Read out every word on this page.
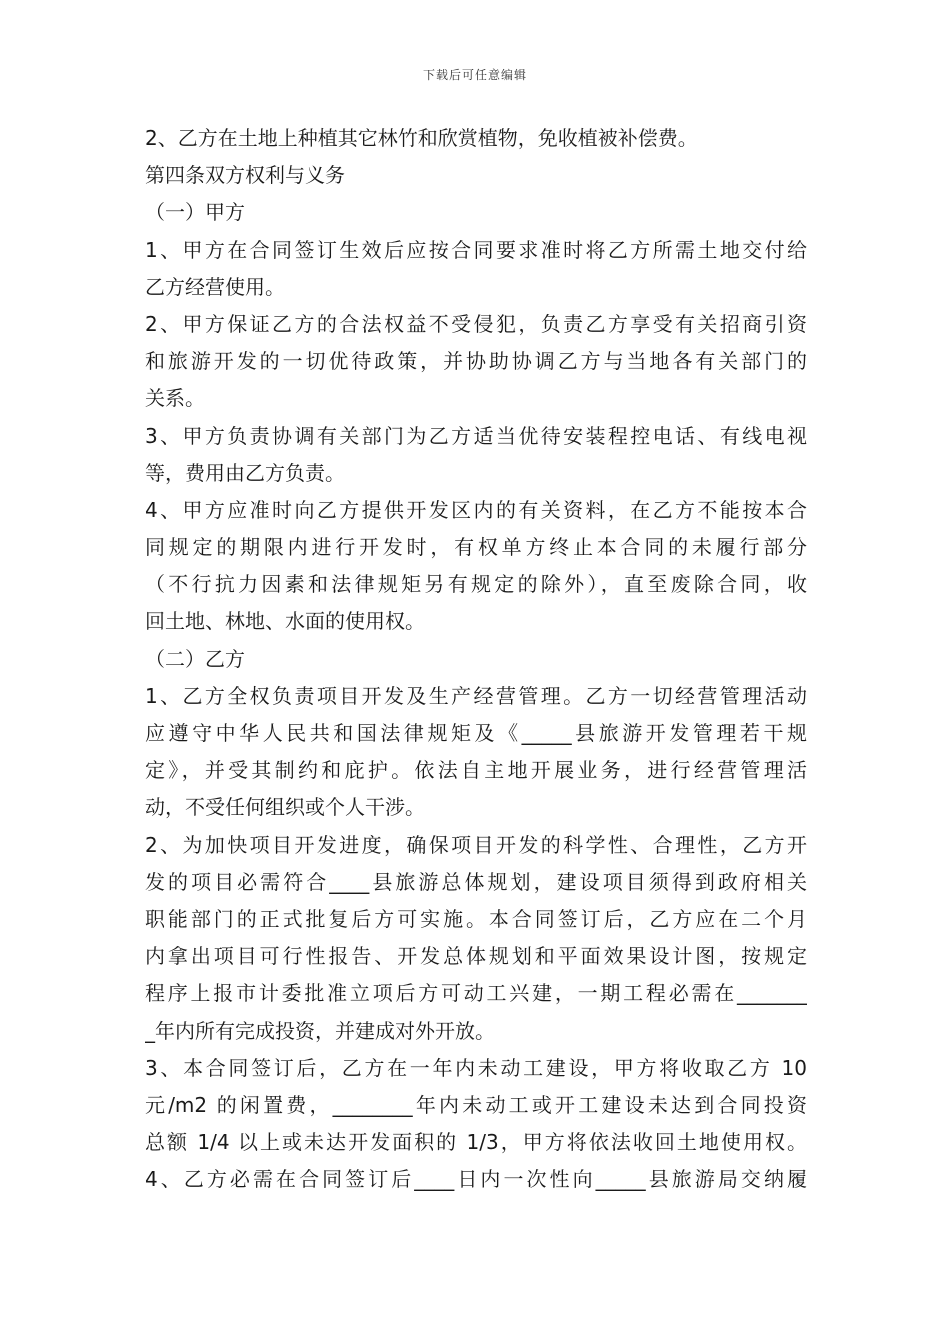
下载后可任意编辑
2、乙方在土地上种植其它林竹和欣赏植物，免收植被补偿费。
第四条双方权利与义务
（一）甲方
1、甲方在合同签订生效后应按合同要求准时将乙方所需土地交付给
乙方经营使用。
2、甲方保证乙方的合法权益不受侵犯，负责乙方享受有关招商引资
和旅游开发的一切优待政策，并协助协调乙方与当地各有关部门的
关系。
3、甲方负责协调有关部门为乙方适当优待安装程控电话、有线电视
等，费用由乙方负责。
4、甲方应准时向乙方提供开发区内的有关资料，在乙方不能按本合
同规定的期限内进行开发时，有权单方终止本合同的未履行部分
（不行抗力因素和法律规矩另有规定的除外），直至废除合同，收
回土地、林地、水面的使用权。
（二）乙方
1、乙方全权负责项目开发及生产经营管理。乙方一切经营管理活动
应遵守中华人民共和国法律规矩及《_____县旅游开发管理若干规
定》，并受其制约和庇护。依法自主地开展业务，进行经营管理活
动，不受任何组织或个人干涉。
2、为加快项目开发进度，确保项目开发的科学性、合理性，乙方开
发的项目必需符合____县旅游总体规划，建设项目须得到政府相关
职能部门的正式批复后方可实施。本合同签订后，乙方应在二个月
内拿出项目可行性报告、开发总体规划和平面效果设计图，按规定
程序上报市计委批准立项后方可动工兴建，一期工程必需在_______
_年内所有完成投资，并建成对外开放。
3、本合同签订后，乙方在一年内未动工建设，甲方将收取乙方 10
元/m2 的闲置费，________年内未动工或开工建设未达到合同投资
总额 1/4 以上或未达开发面积的 1/3，甲方将依法收回土地使用权。
4、乙方必需在合同签订后____日内一次性向_____县旅游局交纳履
